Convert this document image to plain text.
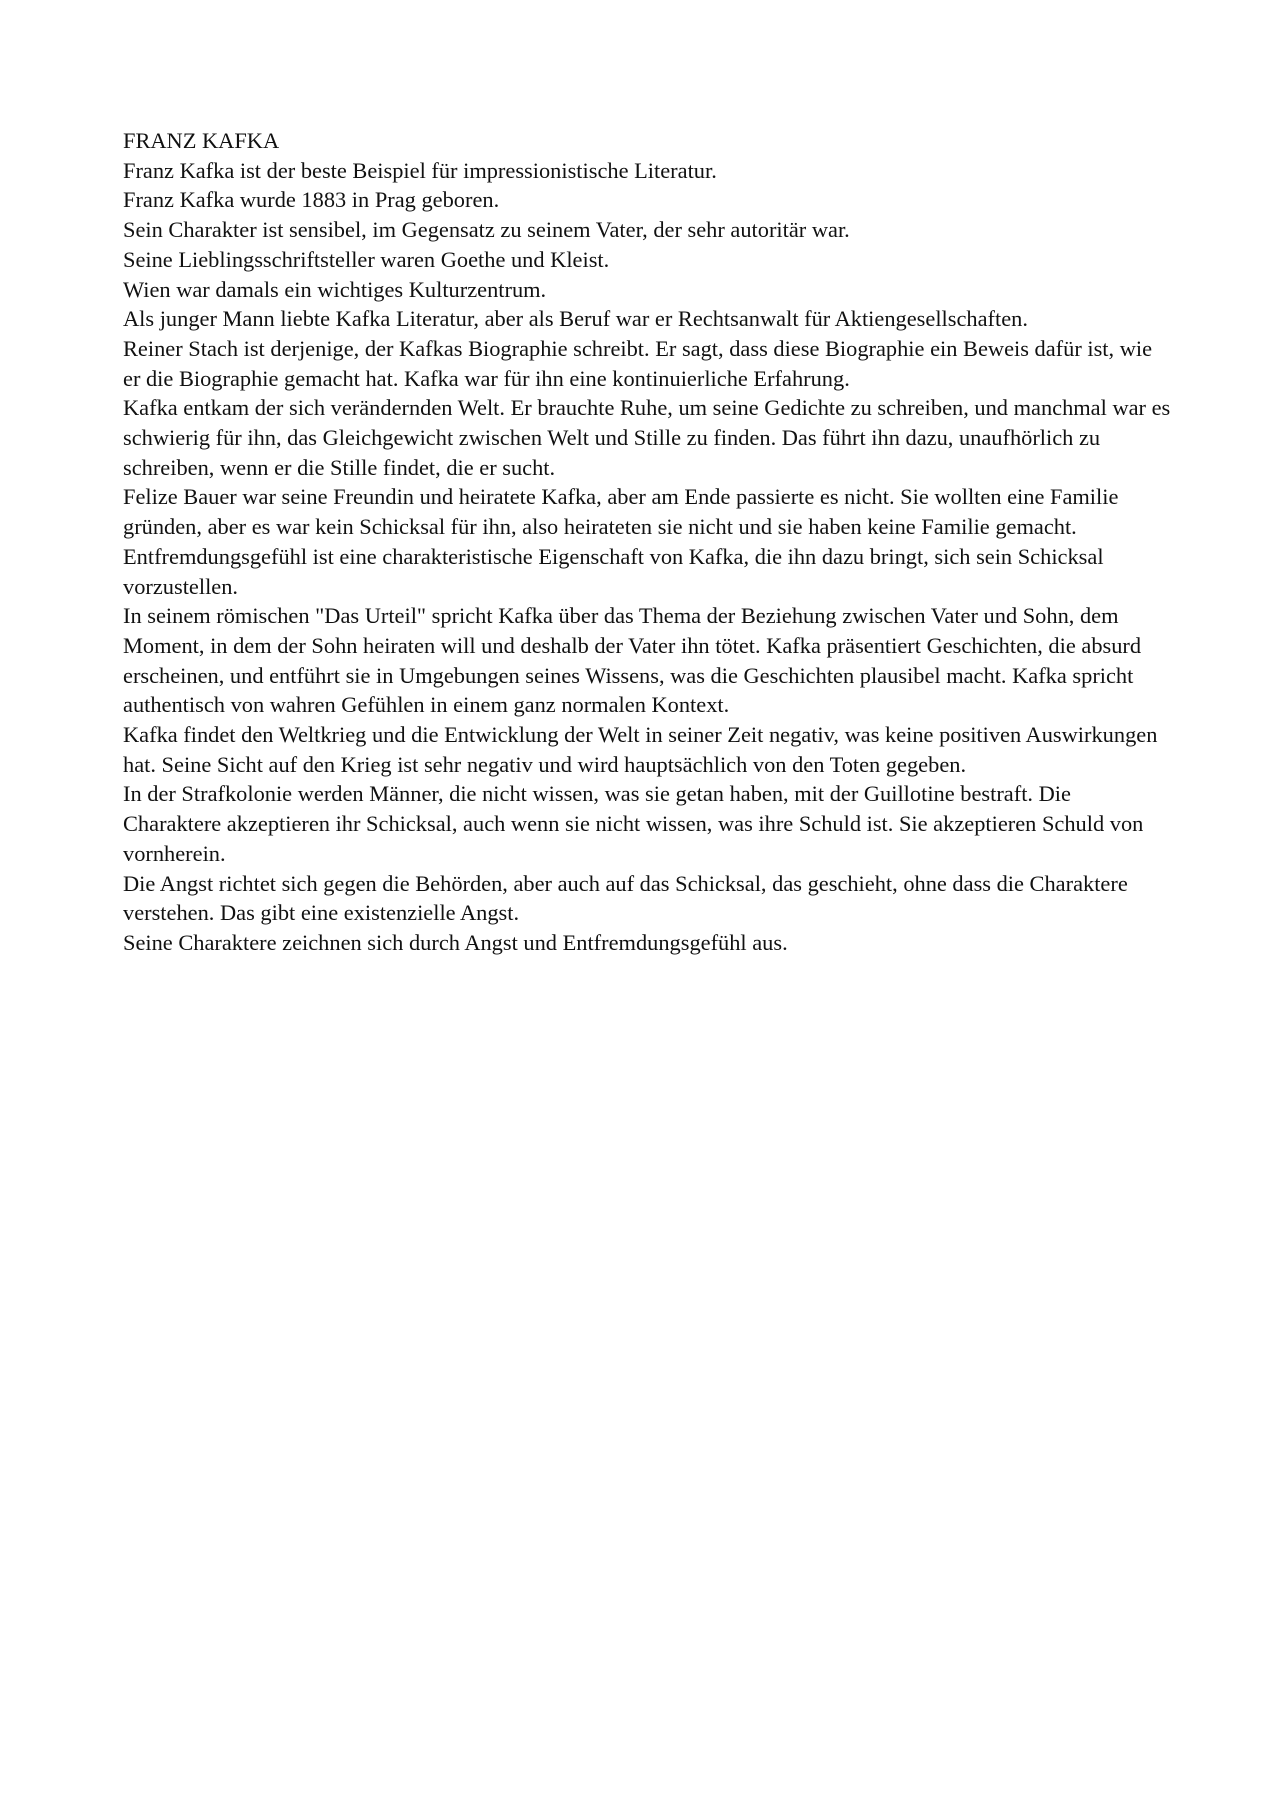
FRANZ KAFKA

Franz Kafka ist der beste Beispiel für impressionistische Literatur.

Franz Kafka wurde 1883 in Prag geboren.

Sein Charakter ist sensibel, im Gegensatz zu seinem Vater, der sehr autoritär war.

Seine Lieblingsschriftsteller waren Goethe und Kleist.

Wien war damals ein wichtiges Kulturzentrum.

Als junger Mann liebte Kafka Literatur, aber als Beruf war er Rechtsanwalt für Aktiengesellschaften.

Reiner Stach ist derjenige, der Kafkas Biographie schreibt. Er sagt, dass diese Biographie ein Beweis dafür ist, wie er die Biographie gemacht hat. Kafka war für ihn eine kontinuierliche Erfahrung.

Kafka entkam der sich verändernden Welt. Er brauchte Ruhe, um seine Gedichte zu schreiben, und manchmal war es schwierig für ihn, das Gleichgewicht zwischen Welt und Stille zu finden. Das führt ihn dazu, unaufhörlich zu schreiben, wenn er die Stille findet, die er sucht.

Felize Bauer war seine Freundin und heiratete Kafka, aber am Ende passierte es nicht. Sie wollten eine Familie gründen, aber es war kein Schicksal für ihn, also heirateten sie nicht und sie haben keine Familie gemacht.

Entfremdungsgefühl ist eine charakteristische Eigenschaft von Kafka, die ihn dazu bringt, sich sein Schicksal vorzustellen.

In seinem römischen "Das Urteil" spricht Kafka über das Thema der Beziehung zwischen Vater und Sohn, dem Moment, in dem der Sohn heiraten will und deshalb der Vater ihn tötet. Kafka präsentiert Geschichten, die absurd erscheinen, und entführt sie in Umgebungen seines Wissens, was die Geschichten plausibel macht. Kafka spricht authentisch von wahren Gefühlen in einem ganz normalen Kontext.

Kafka findet den Weltkrieg und die Entwicklung der Welt in seiner Zeit negativ, was keine positiven Auswirkungen hat. Seine Sicht auf den Krieg ist sehr negativ und wird hauptsächlich von den Toten gegeben.

In der Strafkolonie werden Männer, die nicht wissen, was sie getan haben, mit der Guillotine bestraft. Die Charaktere akzeptieren ihr Schicksal, auch wenn sie nicht wissen, was ihre Schuld ist. Sie akzeptieren Schuld von vornherein.

Die Angst richtet sich gegen die Behörden, aber auch auf das Schicksal, das geschieht, ohne dass die Charaktere verstehen. Das gibt eine existenzielle Angst.

Seine Charaktere zeichnen sich durch Angst und Entfremdungsgefühl aus.
